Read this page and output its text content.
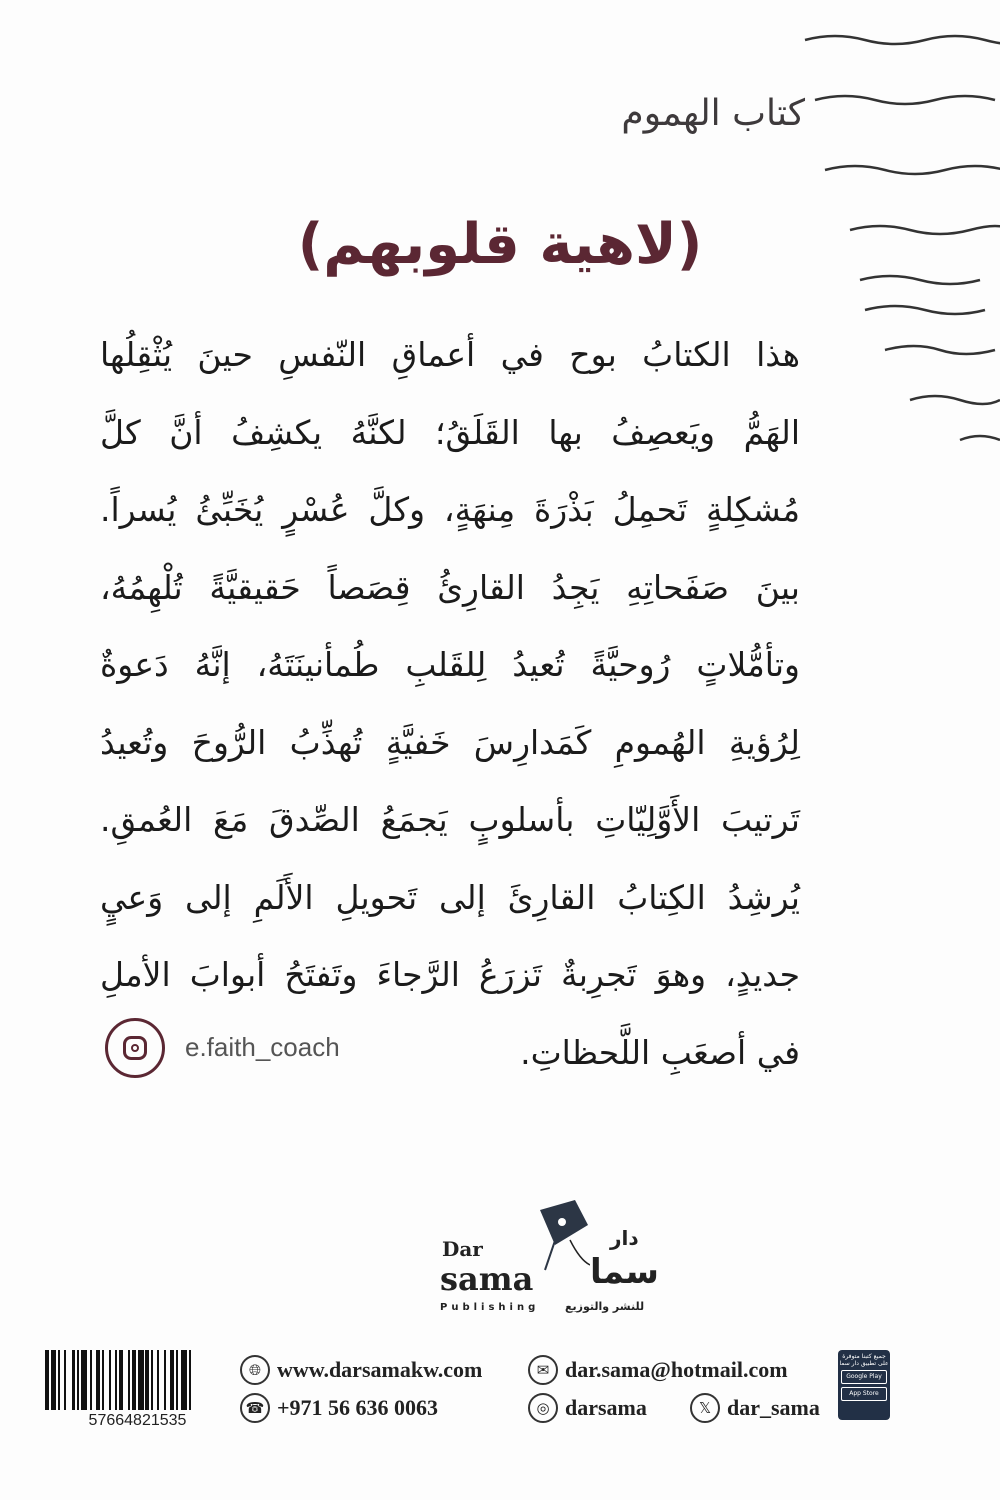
كتاب الهموم
(لاهية قلوبهم)
هذا الكتابُ بوح في أعماقِ النّفسِ حينَ يُثْقِلُها
الهَمُّ ويَعصِفُ بها القَلَقُ؛ لكنَّهُ يكشِفُ أنَّ كلَّ
مُشكِلةٍ تَحمِلُ بَذْرَةَ مِنهَةٍ، وكلَّ عُسْرٍ يُخَبِّئُ يُسراً.
بينَ صَفَحاتِهِ يَجِدُ القارِئُ قِصَصاً حَقيقيَّةً تُلْهِمُهُ،
وتأمُّلاتٍ رُوحيَّةً تُعيدُ لِلقَلبِ طُمأنينَتَهُ، إنَّهُ دَعوةٌ
لِرُؤيةِ الهُمومِ كَمَدارِسَ خَفيَّةٍ تُهذِّبُ الرُّوحَ وتُعيدُ
تَرتيبَ الأَوَّلِيّاتِ بأسلوبٍ يَجمَعُ الصِّدقَ مَعَ العُمقِ.
يُرشِدُ الكِتابُ القارِئَ إلى تَحويلِ الأَلَمِ إلى وَعيٍ
جديدٍ، وهوَ تَجرِبةٌ تَزرَعُ الرَّجاءَ وتَفتَحُ أبوابَ الأملِ
في أصعَبِ اللَّحظاتِ.
e.faith_coach
Dar
sama
دار
سما
Publishing للنشر والتوزيع
57664821535
🌐︎ www.darsamakw.com
☎︎ +971 56 636 0063
✉︎ dar.sama@hotmail.com
◎ darsama	𝕏 dar_sama
جميع كتبنا متوفرة على تطبيق دار سما
Google Play
App Store
